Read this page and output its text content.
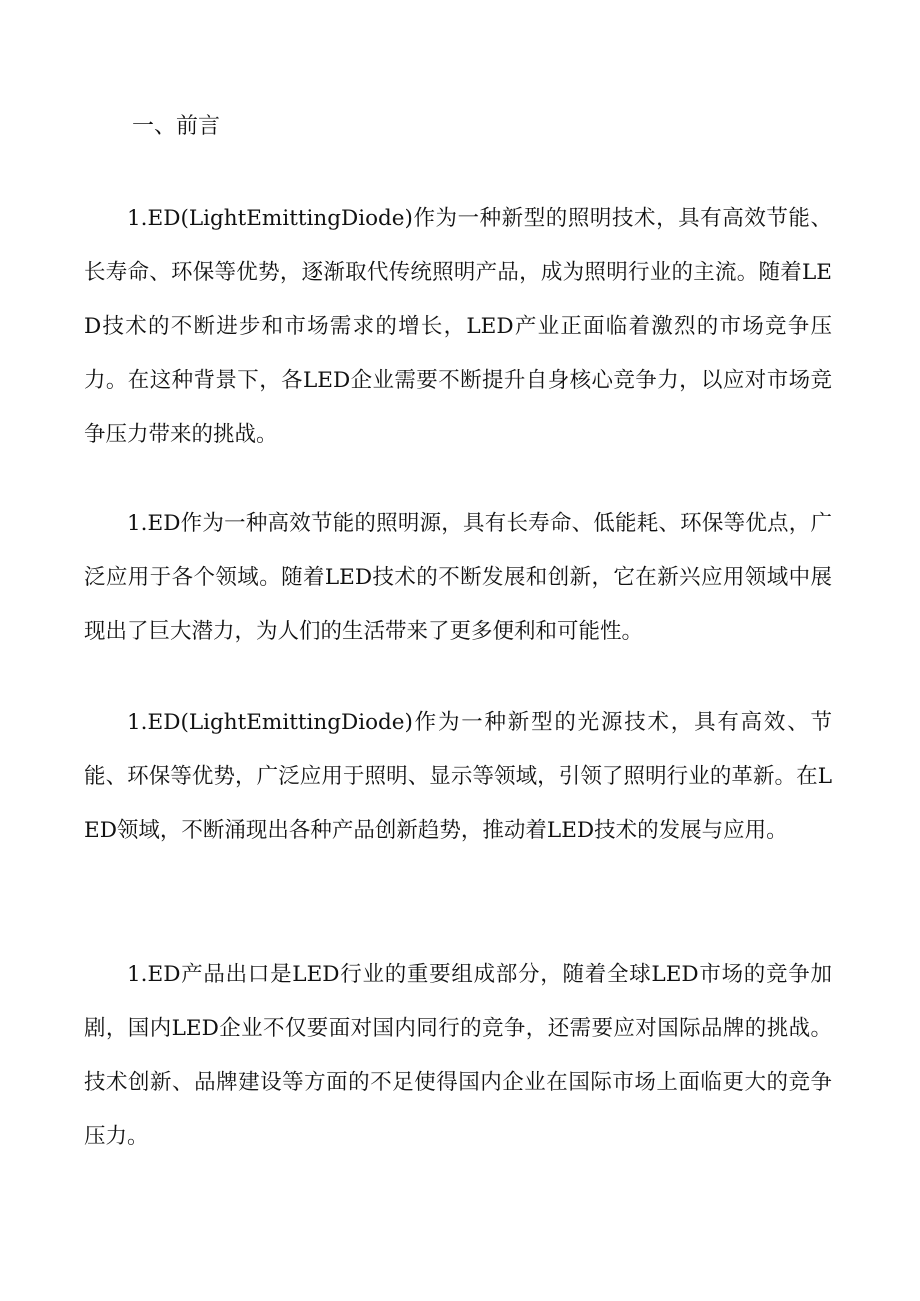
一、前言

1.ED(LightEmittingDiode)作为一种新型的照明技术，具有高效节能、长寿命、环保等优势，逐渐取代传统照明产品，成为照明行业的主流。随着LED技术的不断进步和市场需求的增长，LED产业正面临着激烈的市场竞争压力。在这种背景下，各LED企业需要不断提升自身核心竞争力，以应对市场竞争压力带来的挑战。

1.ED作为一种高效节能的照明源，具有长寿命、低能耗、环保等优点，广泛应用于各个领域。随着LED技术的不断发展和创新，它在新兴应用领域中展现出了巨大潜力，为人们的生活带来了更多便利和可能性。

1.ED(LightEmittingDiode)作为一种新型的光源技术，具有高效、节能、环保等优势，广泛应用于照明、显示等领域，引领了照明行业的革新。在LED领域，不断涌现出各种产品创新趋势，推动着LED技术的发展与应用。

1.ED产品出口是LED行业的重要组成部分，随着全球LED市场的竞争加剧，国内LED企业不仅要面对国内同行的竞争，还需要应对国际品牌的挑战。技术创新、品牌建设等方面的不足使得国内企业在国际市场上面临更大的竞争压力。
